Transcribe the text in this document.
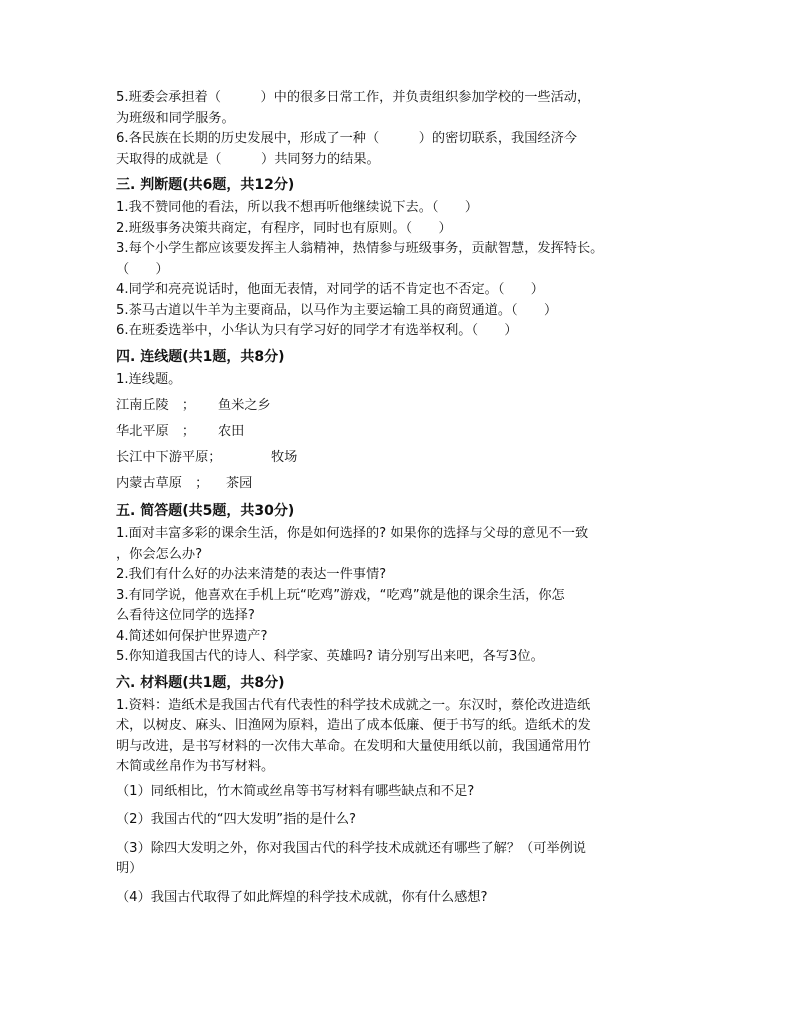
5.班委会承担着（　　　）中的很多日常工作，并负责组织参加学校的一些活动，

为班级和同学服务。

6.各民族在长期的历史发展中，形成了一种（　　　）的密切联系，我国经济今

天取得的成就是（　　　）共同努力的结果。

三. 判断题(共6题，共12分)

1.我不赞同他的看法，所以我不想再听他继续说下去。（　　）

2.班级事务决策共商定，有程序，同时也有原则。（　　）

3.每个小学生都应该要发挥主人翁精神，热情参与班级事务，贡献智慧，发挥特长。

（　　）

4.同学和亮亮说话时，他面无表情，对同学的话不肯定也不否定。（　　）

5.茶马古道以牛羊为主要商品，以马作为主要运输工具的商贸通道。（　　）

6.在班委选举中，小华认为只有学习好的同学才有选举权利。（　　）

四. 连线题(共1题，共8分)

1.连线题。

江南丘陵　； 鱼米之乡

华北平原　； 农田

长江中下游平原；	牧场

内蒙古草原　； 茶园

五. 简答题(共5题，共30分)

1.面对丰富多彩的课余生活，你是如何选择的? 如果你的选择与父母的意见不一致

，你会怎么办?

2.我们有什么好的办法来清楚的表达一件事情?

3.有同学说，他喜欢在手机上玩“吃鸡”游戏，“吃鸡”就是他的课余生活，你怎

么看待这位同学的选择?

4.简述如何保护世界遗产?

5.你知道我国古代的诗人、科学家、英雄吗? 请分别写出来吧，各写3位。

六. 材料题(共1题，共8分)

1.资料：造纸术是我国古代有代表性的科学技术成就之一。东汉时，蔡伦改进造纸

术，以树皮、麻头、旧渔网为原料，造出了成本低廉、便于书写的纸。造纸术的发

明与改进，是书写材料的一次伟大革命。在发明和大量使用纸以前，我国通常用竹

木简或丝帛作为书写材料。

（1）同纸相比，竹木简或丝帛等书写材料有哪些缺点和不足?

（2）我国古代的“四大发明”指的是什么?

（3）除四大发明之外，你对我国古代的科学技术成就还有哪些了解？（可举例说

明）

（4）我国古代取得了如此辉煌的科学技术成就，你有什么感想?
